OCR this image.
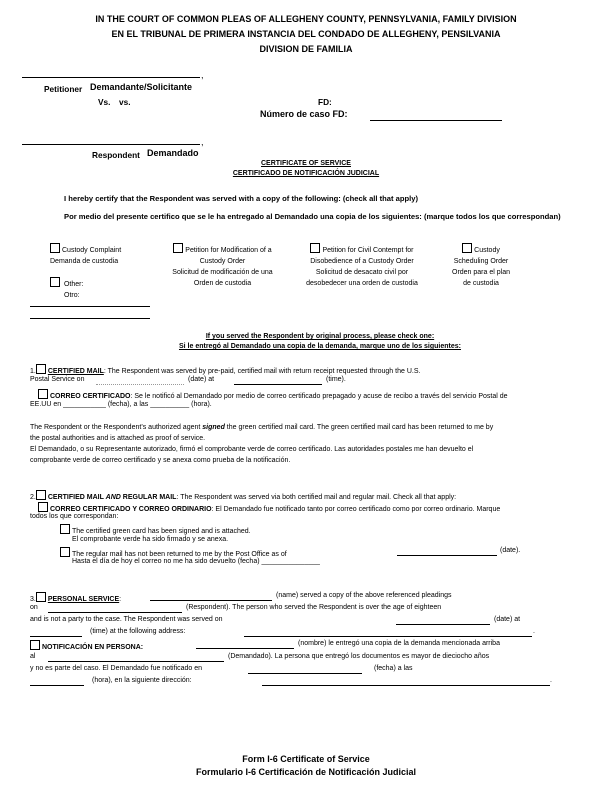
IN THE COURT OF COMMON PLEAS OF ALLEGHENY COUNTY, PENNSYLVANIA, FAMILY DIVISION
EN EL TRIBUNAL DE PRIMERA INSTANCIA DEL CONDADO DE ALLEGHENY, PENSILVANIA
DIVISION DE FAMILIA
,
Petitioner Demandante/Solicitante
Vs. vs.	FD:
Número de caso FD:
,
Respondent Demandado
CERTIFICATE OF SERVICE
CERTIFICADO DE NOTIFICACIÓN JUDICIAL
I hereby certify that the Respondent was served with a copy of the following: (check all that apply)
Por medio del presente certifico que se le ha entregado al Demandado una copia de los siguientes: (marque todos los que correspondan)
Custody Complaint
Demanda de custodia
Petition for Modification of a
Custody Order
Solicitud de modificación de una
Orden de custodia
Petition for Civil Contempt for
Disobedience of a Custody Order
Solicitud de desacato civil por
desobedecer una orden de custodia
Custody
Scheduling Order
Orden para el plan
de custodia
Other:
Otro:
If you served the Respondent by original process, please check one:
Si le entregó al Demandado una copia de la demanda, marque uno de los siguientes:
1. CERTIFIED MAIL: The Respondent was served by pre-paid, certified mail with return receipt requested through the U.S.
Postal Service on	(date) at	(time).
CORREO CERTIFICADO: Se le notificó al Demandado por medio de correo certificado prepagado y acuse de recibo a través del servicio Postal de
EE.UU en ___________ (fecha), a las __________ (hora).
The Respondent or the Respondent’s authorized agent signed the green certified mail card. The green certified mail card has been returned to me by
the postal authorities and is attached as proof of service.
El Demandado, o su Representante autorizado, firmó el comprobante verde de correo certificado. Las autoridades postales me han devuelto el
comprobante verde de correo certificado y se anexa como prueba de la notificación.
2. CERTIFIED MAIL AND REGULAR MAIL: The Respondent was served via both certified mail and regular mail. Check all that apply:
CORREO CERTIFICADO Y CORREO ORDINARIO: El Demandado fue notificado tanto por correo certificado como por correo ordinario. Marque
todos los que correspondan:
The certified green card has been signed and is attached.
El comprobante verde ha sido firmado y se anexa.
The regular mail has not been returned to me by the Post Office as of
(date).
Hasta el día de hoy el correo no me ha sido devuelto (fecha) _______________
3. PERSONAL SERVICE:
(name) served a copy of the above referenced pleadings
on	(Respondent). The person who served the Respondent is over the age of eighteen
and is not a party to the case. The Respondent was served on	(date) at
(time) at the following address:	.
NOTIFICACIÓN EN PERSONA:
(nombre) le entregó una copia de la demanda mencionada arriba
al	(Demandado). La persona que entregó los documentos es mayor de dieciocho años
y no es parte del caso. El Demandado fue notificado en	(fecha) a las
(hora), en la siguiente dirección:	.
Form I-6 Certificate of Service
Formulario I-6 Certificación de Notificación Judicial
